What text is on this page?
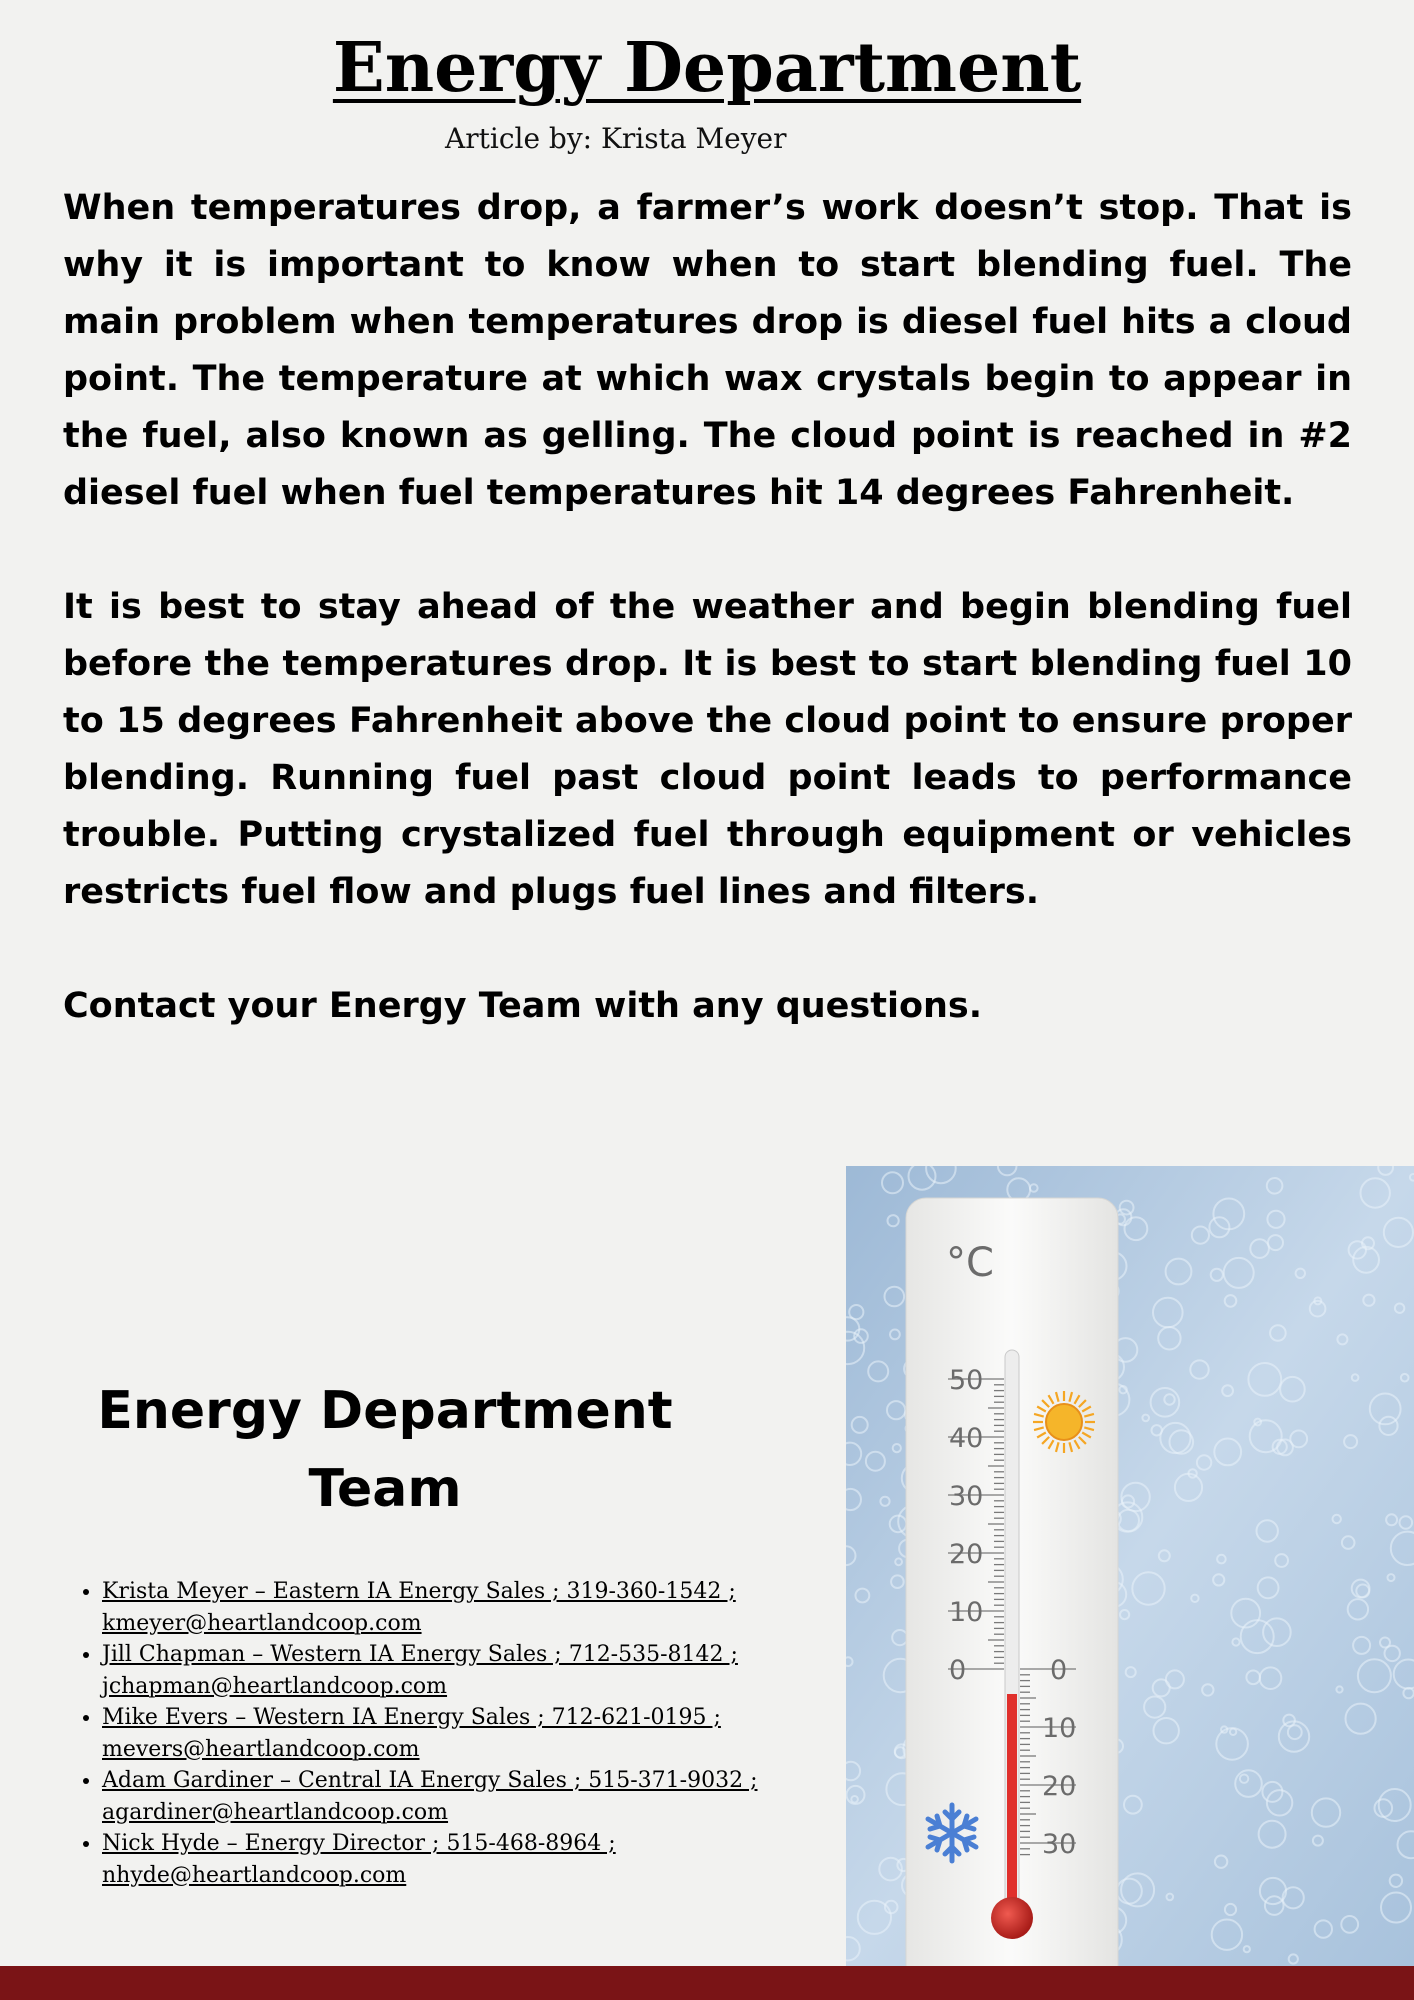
Energy Department

Article by: Krista Meyer

When temperatures drop, a farmer’s work doesn’t stop. That is why it is important to know when to start blending fuel. The main problem when temperatures drop is diesel fuel hits a cloud point. The temperature at which wax crystals begin to appear in the fuel, also known as gelling. The cloud point is reached in #2 diesel fuel when fuel temperatures hit 14 degrees Fahrenheit.

It is best to stay ahead of the weather and begin blending fuel before the temperatures drop. It is best to start blending fuel 10 to 15 degrees Fahrenheit above the cloud point to ensure proper blending. Running fuel past cloud point leads to performance trouble. Putting crystalized fuel through equipment or vehicles restricts fuel flow and plugs fuel lines and filters.

Contact your Energy Team with any questions.

Energy Department
Team
• Krista Meyer – Eastern IA Energy Sales ; 319-360-1542 ; kmeyer@heartlandcoop.com
• Jill Chapman – Western IA Energy Sales ; 712-535-8142 ; jchapman@heartlandcoop.com
• Mike Evers – Western IA Energy Sales ; 712-621-0195 ; mevers@heartlandcoop.com
• Adam Gardiner – Central IA Energy Sales ; 515-371-9032 ; agardiner@heartlandcoop.com
• Nick Hyde – Energy Director ; 515-468-8964 ; nhyde@heartlandcoop.com
°C
50
40
30
20
10
0	0
10
20
30
